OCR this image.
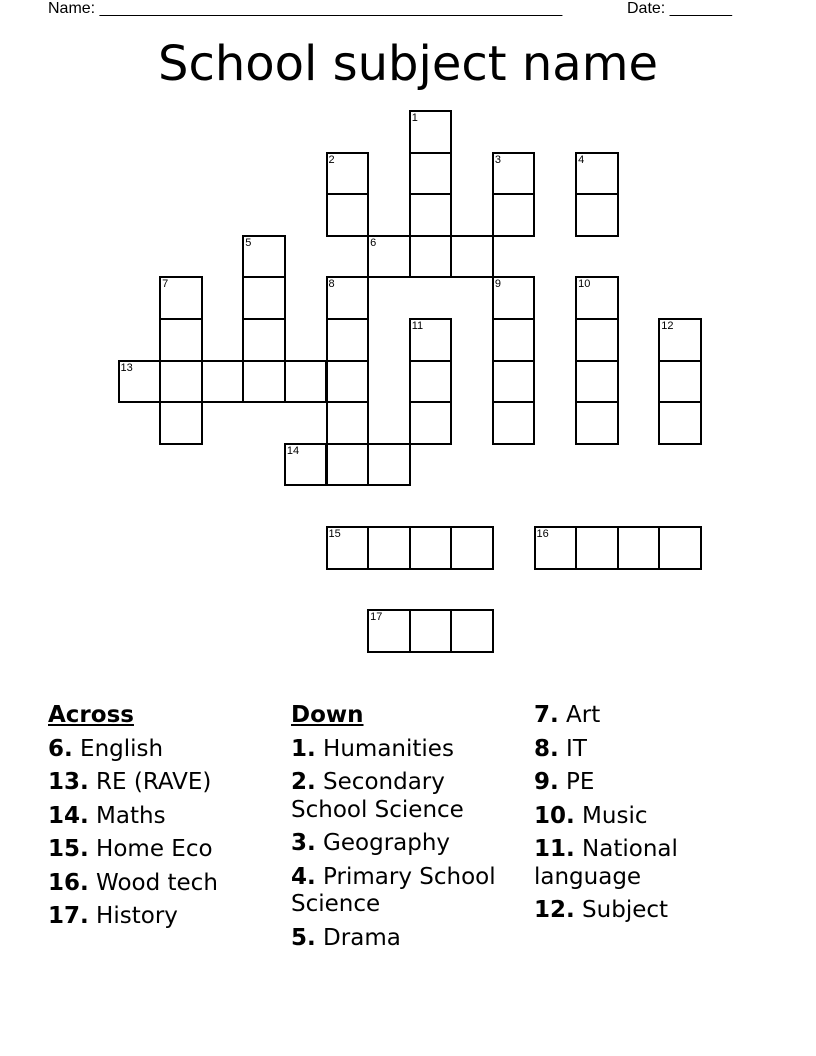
Name: ____________________________________________________	Date: _______
School subject name
1
2	3	4
5	6
7	8	9	10
11	12
13
14
15	16
17
Across
6. English
13. RE (RAVE)
14. Maths
15. Home Eco
16. Wood tech
17. History
Down
1. Humanities
2. Secondary School Science
3. Geography
4. Primary School Science
5. Drama
7. Art
8. IT
9. PE
10. Music
11. National language
12. Subject
